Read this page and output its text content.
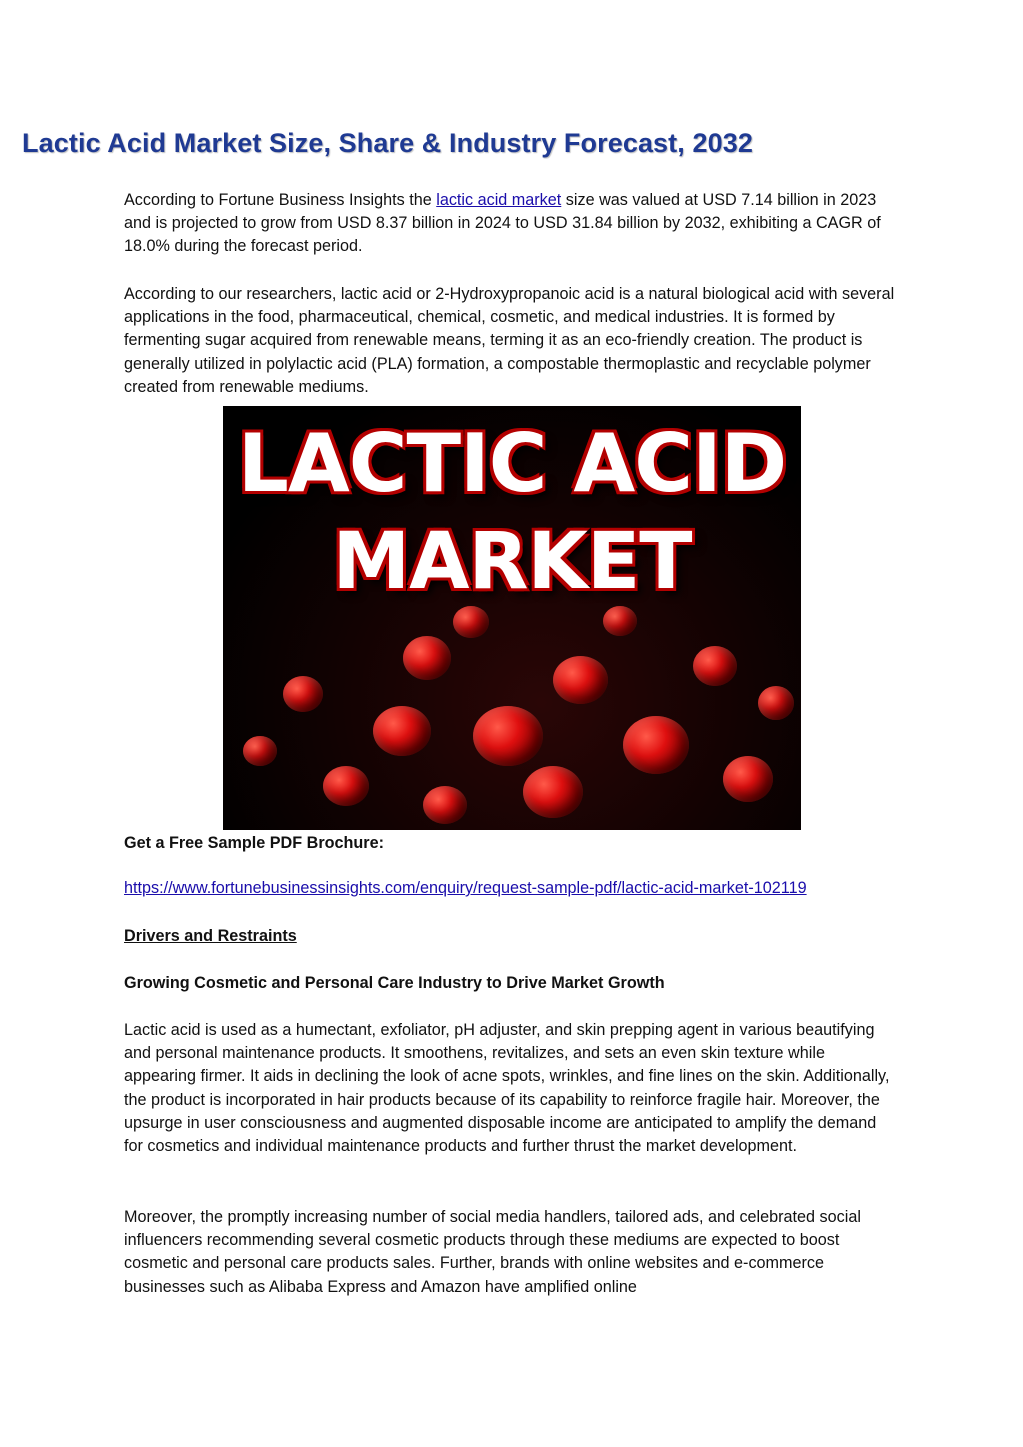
Lactic Acid Market Size, Share & Industry Forecast, 2032

According to Fortune Business Insights the lactic acid market size was valued at USD 7.14 billion in 2023 and is projected to grow from USD 8.37 billion in 2024 to USD 31.84 billion by 2032, exhibiting a CAGR of 18.0% during the forecast period.

According to our researchers, lactic acid or 2-Hydroxypropanoic acid is a natural biological acid with several applications in the food, pharmaceutical, chemical, cosmetic, and medical industries. It is formed by fermenting sugar acquired from renewable means, terming it as an eco-friendly creation. The product is generally utilized in polylactic acid (PLA) formation, a compostable thermoplastic and recyclable polymer created from renewable mediums.

LACTIC ACID
MARKET

Get a Free Sample PDF Brochure:

https://www.fortunebusinessinsights.com/enquiry/request-sample-pdf/lactic-acid-market-102119

Drivers and Restraints

Growing Cosmetic and Personal Care Industry to Drive Market Growth

Lactic acid is used as a humectant, exfoliator, pH adjuster, and skin prepping agent in various beautifying and personal maintenance products. It smoothens, revitalizes, and sets an even skin texture while appearing firmer. It aids in declining the look of acne spots, wrinkles, and fine lines on the skin. Additionally, the product is incorporated in hair products because of its capability to reinforce fragile hair. Moreover, the upsurge in user consciousness and augmented disposable income are anticipated to amplify the demand for cosmetics and individual maintenance products and further thrust the market development.

Moreover, the promptly increasing number of social media handlers, tailored ads, and celebrated social influencers recommending several cosmetic products through these mediums are expected to boost cosmetic and personal care products sales. Further, brands with online websites and e-commerce businesses such as Alibaba Express and Amazon have amplified online
